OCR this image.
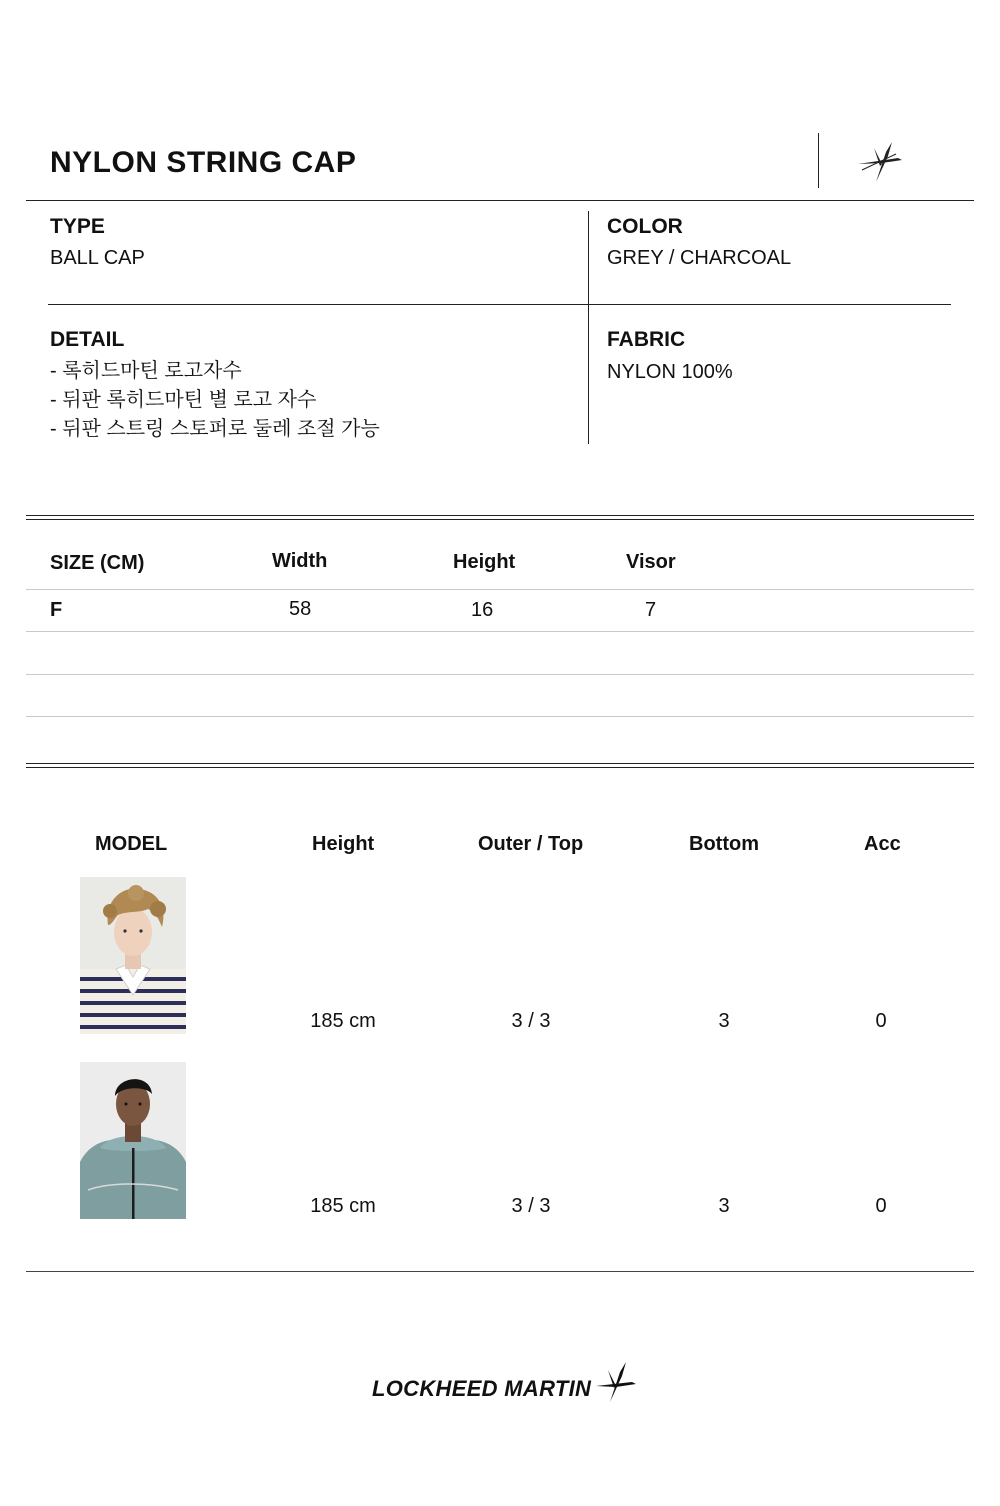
NYLON STRING CAP
TYPE
BALL CAP
COLOR
GREY / CHARCOAL
DETAIL
- 록히드마틴 로고자수
- 뒤판 록히드마틴 별 로고 자수
- 뒤판 스트링 스토퍼로 둘레 조절 가능
FABRIC
NYLON 100%
SIZE (CM)	Width	Height	Visor
F	58	16	7
MODEL	Height	Outer / Top	Bottom	Acc
185 cm	3 / 3	3	0
185 cm	3 / 3	3	0
LOCKHEED MARTIN
